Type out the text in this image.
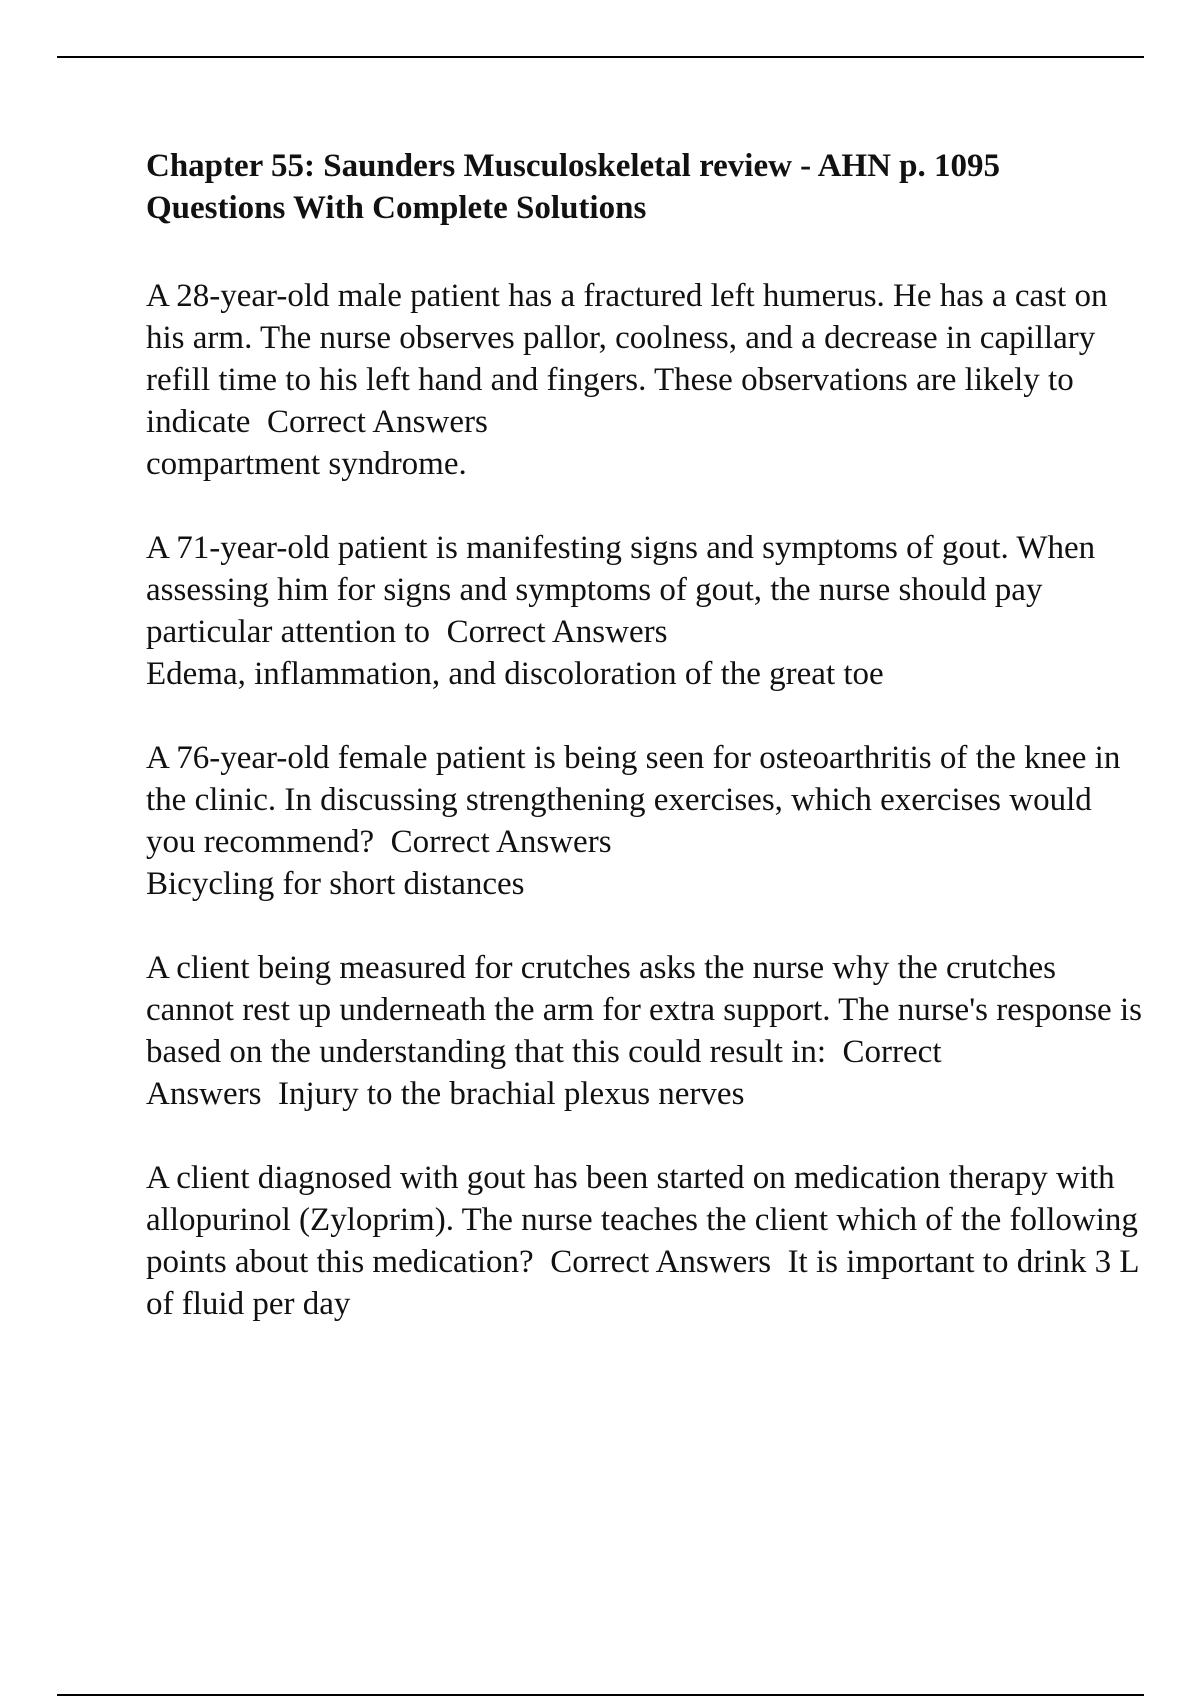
Chapter 55: Saunders Musculoskeletal review - AHN p. 1095 Questions With Complete Solutions

A 28-year-old male patient has a fractured left humerus. He has a cast on his arm. The nurse observes pallor, coolness, and a decrease in capillary refill time to his left hand and fingers. These observations are likely to indicate Correct Answers
compartment syndrome.

A 71-year-old patient is manifesting signs and symptoms of gout. When assessing him for signs and symptoms of gout, the nurse should pay particular attention to Correct Answers
Edema, inflammation, and discoloration of the great toe

A 76-year-old female patient is being seen for osteoarthritis of the knee in the clinic. In discussing strengthening exercises, which exercises would you recommend? Correct Answers
Bicycling for short distances

A client being measured for crutches asks the nurse why the crutches cannot rest up underneath the arm for extra support. The nurse's response is based on the understanding that this could result in: Correct Answers Injury to the brachial plexus nerves

A client diagnosed with gout has been started on medication therapy with allopurinol (Zyloprim). The nurse teaches the client which of the following points about this medication? Correct Answers It is important to drink 3 L of fluid per day
